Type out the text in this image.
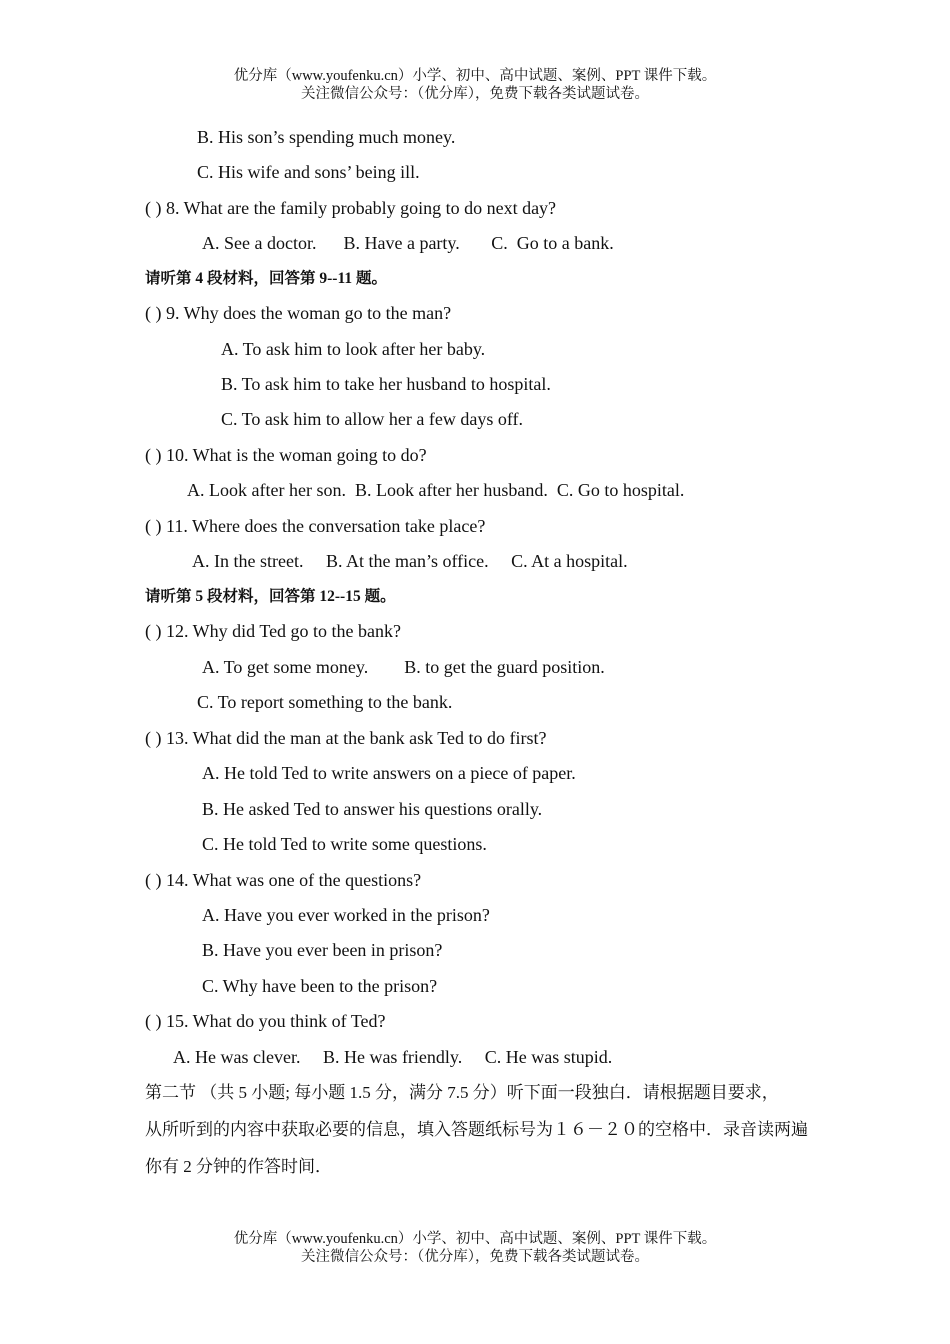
优分库（www.youfenku.cn）小学、初中、高中试题、案例、PPT 课件下载。
关注微信公众号：（优分库），免费下载各类试题试卷。
B. His son’s spending much money.
C. His wife and sons’ being ill.
( ) 8. What are the family probably going to do next day?
A. See a doctor.      B. Have a party.       C.  Go to a bank.
请听第 4 段材料，回答第 9--11 题。
( ) 9. Why does the woman go to the man?
A. To ask him to look after her baby.
B. To ask him to take her husband to hospital.
C. To ask him to allow her a few days off.
( ) 10. What is the woman going to do?
A. Look after her son.  B. Look after her husband.  C. Go to hospital.
( ) 11. Where does the conversation take place?
A. In the street.     B. At the man’s office.     C. At a hospital.
请听第 5 段材料，回答第 12--15 题。
( ) 12. Why did Ted go to the bank?
A. To get some money.        B. to get the guard position.
C. To report something to the bank.
( ) 13. What did the man at the bank ask Ted to do first?
A. He told Ted to write answers on a piece of paper.
B. He asked Ted to answer his questions orally.
C. He told Ted to write some questions.
( ) 14. What was one of the questions?
A. Have you ever worked in the prison?
B. Have you ever been in prison?
C. Why have been to the prison?
( ) 15. What do you think of Ted?
A. He was clever.     B. He was friendly.     C. He was stupid.
第二节 （共 5 小题; 每小题 1.5 分，满分 7.5 分）听下面一段独白．请根据题目要求，
从所听到的内容中获取必要的信息，填入答题纸标号为１６－２０的空格中．录音读两遍
你有 2 分钟的作答时间．
优分库（www.youfenku.cn）小学、初中、高中试题、案例、PPT 课件下载。
关注微信公众号：（优分库），免费下载各类试题试卷。
